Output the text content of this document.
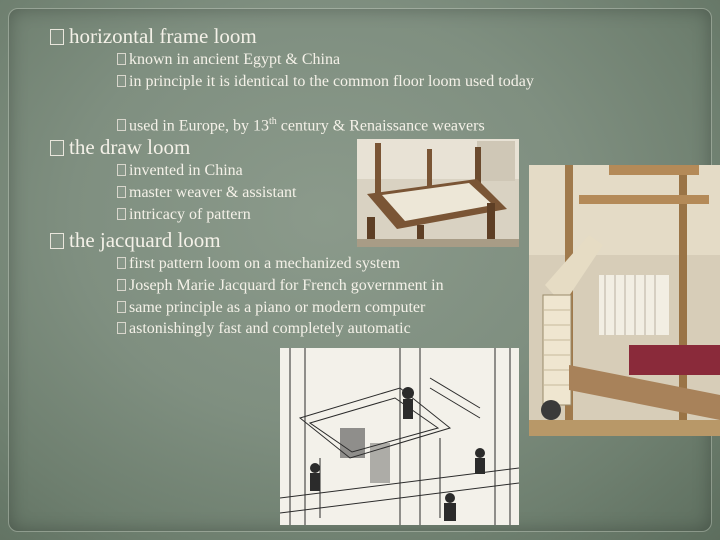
horizontal frame loom
known in ancient Egypt & China
in principle it is identical to the common floor loom used today
used in Europe, by 13th century & Renaissance weavers
the draw loom
invented in China
master weaver & assistant
intricacy of pattern
the jacquard loom
first pattern loom on a mechanized system
Joseph Marie Jacquard for French government in
same principle as a piano or modern computer
astonishingly fast and completely automatic
